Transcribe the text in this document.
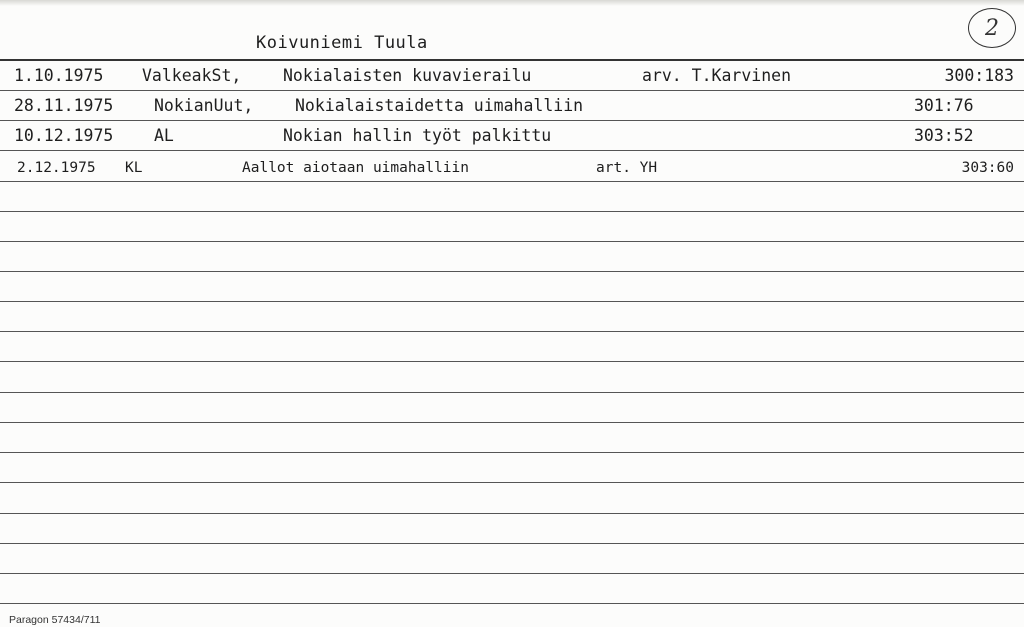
Koivuniemi Tuula
2
1.10.1975 ValkeakSt,	Nokialaisten kuvavierailu	arv. T.Karvinen	300:183
28.11.1975 NokianUut,	Nokialaistaidetta uimahalliin	301:76
10.12.1975 AL	Nokian hallin työt palkittu	303:52
2.12.1975 KL	Aallot aiotaan uimahalliin	art. YH	303:60
Paragon 57434/711
